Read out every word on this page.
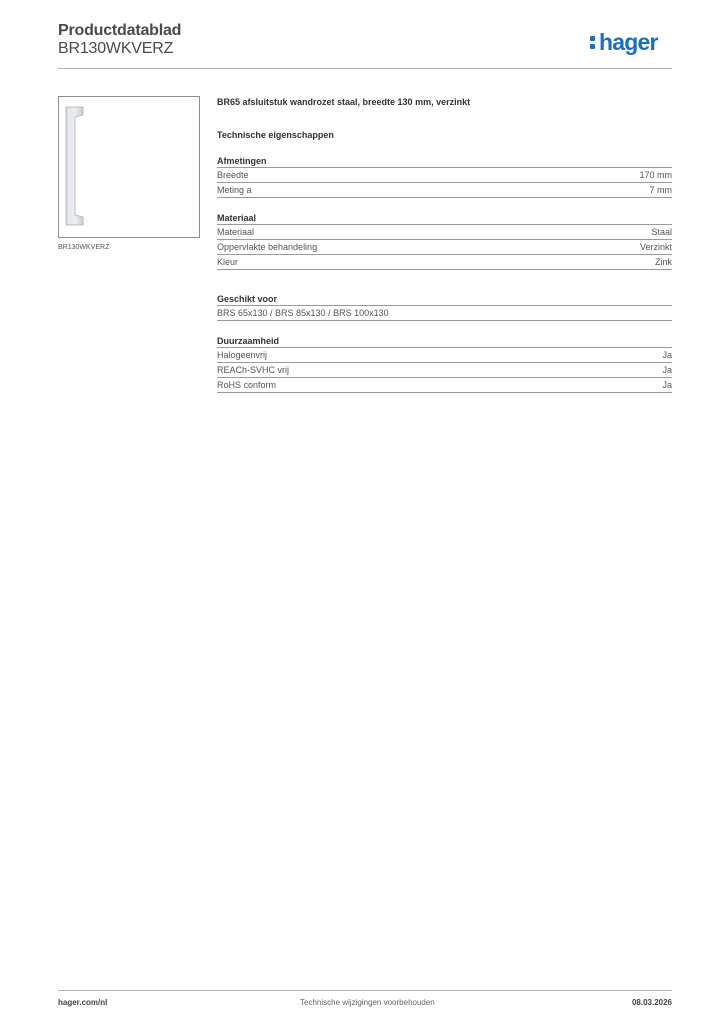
Productdatablad
BR130WKVERZ	hager
BR130WKVERZ
BR65 afsluitstuk wandrozet staal, breedte 130 mm, verzinkt
Technische eigenschappen
Afmetingen
Breedte	170 mm
Meting a	7 mm
Materiaal
Materiaal	Staal
Oppervlakte behandeling	Verzinkt
Kleur	Zink
Geschikt voor
BRS 65x130 / BRS 85x130 / BRS 100x130
Duurzaamheid
Halogeenvrij	Ja
REACh-SVHC vrij	Ja
RoHS conform	Ja
hager.com/nl	Technische wijzigingen voorbehouden	08.03.2026
